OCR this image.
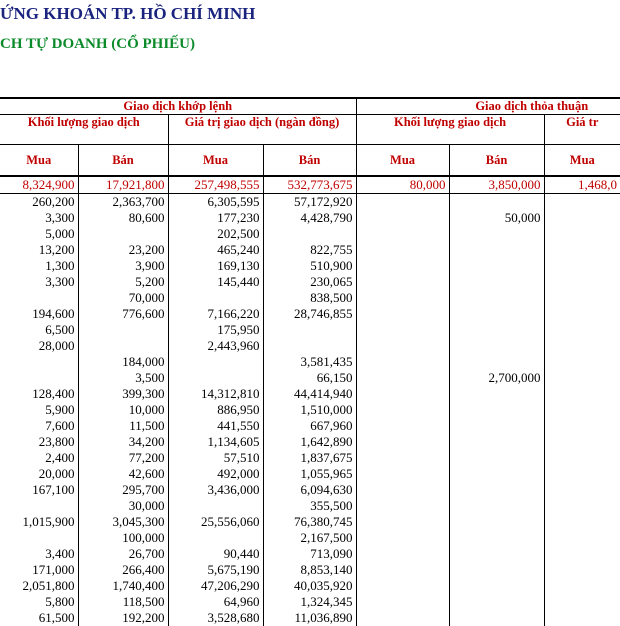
ỨNG KHOÁN TP. HỒ CHÍ MINH
CH TỰ DOANH (CỔ PHIẾU)
Giao dịch khớp lệnh				Giao dịch thỏa thuận		
Khối lượng giao dịch		Giá trị giao dịch (ngàn đồng)		Khối lượng giao dịch		Giá tr
Mua	Bán	Mua	Bán	Mua	Bán	Mua
8,324,900	17,921,800	257,498,555	532,773,675	80,000	3,850,000	1,468,0
260,200	2,363,700	6,305,595	57,172,920			
3,300	80,600	177,230	4,428,790		50,000	
5,000		202,500				
13,200	23,200	465,240	822,755			
1,300	3,900	169,130	510,900			
3,300	5,200	145,440	230,065			
	70,000		838,500			
194,600	776,600	7,166,220	28,746,855			
6,500		175,950				
28,000		2,443,960				
	184,000		3,581,435			
	3,500		66,150		2,700,000	
128,400	399,300	14,312,810	44,414,940			
5,900	10,000	886,950	1,510,000			
7,600	11,500	441,550	667,960			
23,800	34,200	1,134,605	1,642,890			
2,400	77,200	57,510	1,837,675			
20,000	42,600	492,000	1,055,965			
167,100	295,700	3,436,000	6,094,630			
	30,000		355,500			
1,015,900	3,045,300	25,556,060	76,380,745			
	100,000		2,167,500			
3,400	26,700	90,440	713,090			
171,000	266,400	5,675,190	8,853,140			
2,051,800	1,740,400	47,206,290	40,035,920			
5,800	118,500	64,960	1,324,345			
61,500	192,200	3,528,680	11,036,890			
